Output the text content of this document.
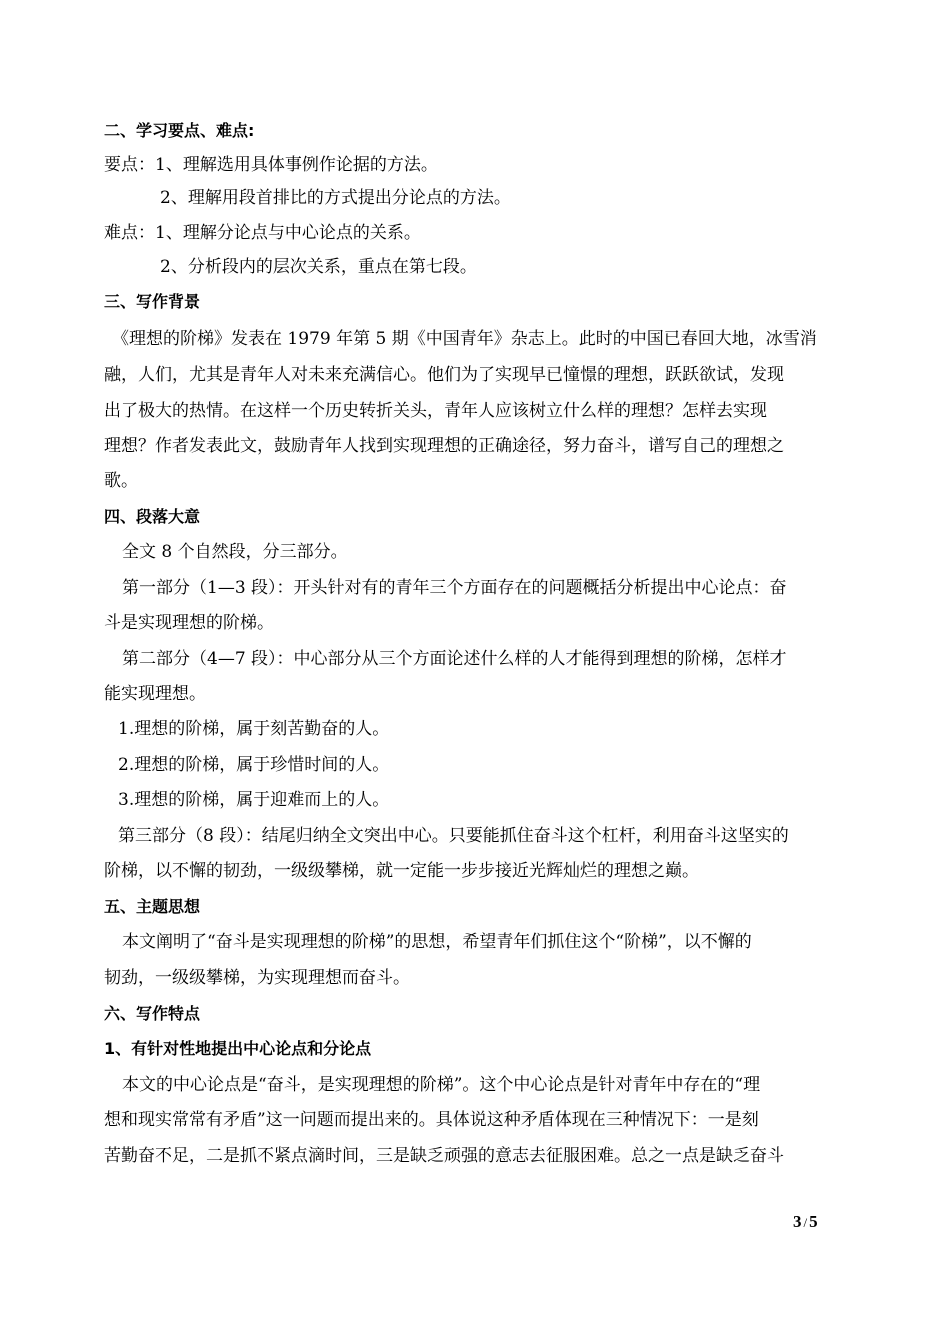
二、学习要点、难点:
要点：1、理解选用具体事例作论据的方法。
2、理解用段首排比的方式提出分论点的方法。
难点：1、理解分论点与中心论点的关系。
2、分析段内的层次关系，重点在第七段。
三、写作背景
《理想的阶梯》发表在 1979 年第 5 期《中国青年》杂志上。此时的中国已春回大地，冰雪消
融，人们，尤其是青年人对未来充满信心。他们为了实现早已憧憬的理想，跃跃欲试，发现
出了极大的热情。在这样一个历史转折关头，青年人应该树立什么样的理想？怎样去实现
理想？作者发表此文，鼓励青年人找到实现理想的正确途径，努力奋斗，谱写自己的理想之
歌。
四、段落大意
全文 8 个自然段，分三部分。
第一部分（1—3 段）：开头针对有的青年三个方面存在的问题概括分析提出中心论点：奋
斗是实现理想的阶梯。
第二部分（4—7 段）：中心部分从三个方面论述什么样的人才能得到理想的阶梯，怎样才
能实现理想。
1.理想的阶梯，属于刻苦勤奋的人。
2.理想的阶梯，属于珍惜时间的人。
3.理想的阶梯，属于迎难而上的人。
第三部分（8 段）：结尾归纳全文突出中心。只要能抓住奋斗这个杠杆，利用奋斗这坚实的
阶梯，以不懈的韧劲，一级级攀梯，就一定能一步步接近光辉灿烂的理想之巅。
五、主题思想
本文阐明了“奋斗是实现理想的阶梯”的思想，希望青年们抓住这个“阶梯”，以不懈的
韧劲，一级级攀梯，为实现理想而奋斗。
六、写作特点
1、有针对性地提出中心论点和分论点
本文的中心论点是“奋斗，是实现理想的阶梯”。这个中心论点是针对青年中存在的“理
想和现实常常有矛盾”这一问题而提出来的。具体说这种矛盾体现在三种情况下：一是刻
苦勤奋不足，二是抓不紧点滴时间，三是缺乏顽强的意志去征服困难。总之一点是缺乏奋斗
3 / 5
